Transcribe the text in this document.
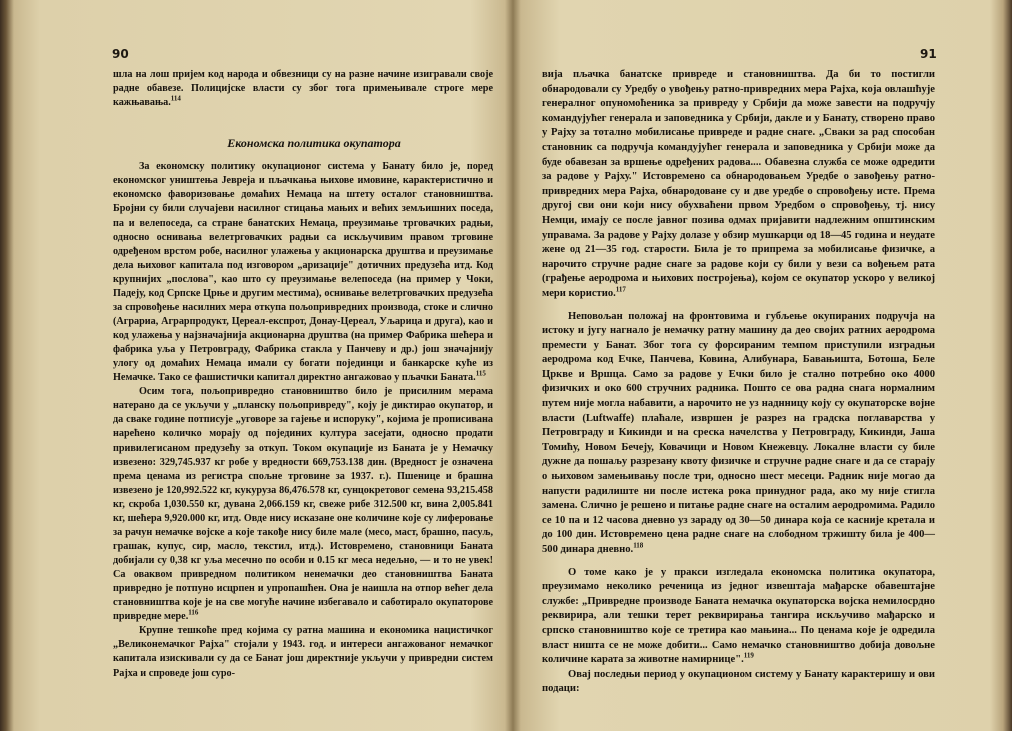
90

шла на лош пријем код народа и обвезници су на разне начине изигравали своје радне обавезе. Полицијске власти су због тога примењивале строге мере кажњавања.$^{114}$

Економска политика окупатора

За економску политику окупационог система у Банату било је, поред економског уништења Јевреја и пљачкања њихове имовине, карактеристично и економско фаворизовање домаћих Немаца на штету осталог становништва. Бројни су били случајеви насилног стицања мањих и већих земљишних поседа, па и велепоседа, са стране банатских Немаца, преузимање трговачких радњи, односно оснивања велетрговачких радњи са искључивим правом трговине одређеном врстом робе, насилног улажења у акционарска друштва и преузимање дела њиховог капитала под изговором „аризације" дотичних предузећа итд. Код крупнијих „послова", као што су преузимање велепоседа (на пример у Чоки, Падеју, код Српске Црње и другим местима), оснивање велетрговачких предузећа за спровођење насилних мера откупа пољопривредних производа, стоке и слично (Аграриа, Аграрпродукт, Цереал-експрот, Донау-Цереал, Уљарица и друга), као и код улажења у најзначајнија акционарна друштва (на пример Фабрика шећера и фабрика уља у Петровграду, Фабрика стакла у Панчеву и др.) још значајнију улогу од домаћих Немаца имали су богати појединци и банкарске куће из Немачке. Тако се фашистички капитал директно ангажовао у пљачки Баната.$^{115}$

Осим тога, пољопривредно становништво било је присилним мерама натерано да се укључи у „планску пољопривреду", коју је диктирао окупатор, и да сваке године потписује „уговоре за гајење и испоруку", којима је прописивана нарећено количко морају од појединих култура засејати, односно продати привилегисаном предузећу за откуп. Током окупације из Баната је у Немачку извезено: 329,745.937 кг робе у вредности 669,753.138 дин. (Вредност је означена према ценама из регистра спољне трговине за 1937. г.). Пшенице и брашна извезено је 120,992.522 кг, кукуруза 86,476.578 кг, сунцокретовог семена 93,215.458 кг, скроба 1,030.550 кг, дувана 2,066.159 кг, свеже рибе 312.500 кг, вина 2,005.841 кг, шећера 9,920.000 кг, итд. Овде нису исказане оне количине које су лиферовање за рачун немачке војске а које такође нису биле мале (месо, маст, брашно, пасуљ, грашак, купус, сир, масло, текстил, итд.). Истовремено, становници Баната добијали су 0,38 кг уља месечно по особи и 0.15 кг меса недељно, — и то не увек! Са оваквом привредном политиком ненемачки део становништва Баната привредно је потпуно исцрпен и упропашћен. Она је наишла на отпор већег дела становништва које је на све могуће начине избегавало и саботирало окупаторове привредне мере.$^{116}$

Крупне тешкоће пред којима су ратна машина и економика нацистичког „Великонемачког Рајха" стојали у 1943. год. и интереси ангажованог немачког капитала изискивали су да се Банат још директније укључи у привредни систем Рајха и спроведе још суро-

91

вија пљачка банатске привреде и становништва. Да би то постигли обнародовали су Уредбу о увођењу ратно-привредних мера Рајха, која овлашћује генералног опуномоћеника за привреду у Србији да може завести на подручју командујућег генерала и заповедника у Србији, дакле и у Банату, створено право у Рајху за тотално мобилисање привреде и радне снаге. „Сваки за рад способан становник са подручја командујућег генерала и заповедника у Србији може да буде обавезан за вршење одређених радова.... Обавезна служба се може одредити за радове у Рајху." Истовремено са обнародовањем Уредбе о завођењу ратно-привредних мера Рајха, обнародоване су и две уредбе о спровођењу исте. Према другој сви они који нису обухваћени првом Уредбом о спровођењу, тј. нису Немци, имају се после јавног позива одмах пријавити надлежним општинским управама. За радове у Рајху долазе у обзир мушкарци од 18—45 година и неудате жене од 21—35 год. старости. Била је то припрема за мобилисање физичке, а нарочито стручне радне снаге за радове који су били у вези са вођењем рата (грађење аеродрома и њихових постројења), којом се окупатор ускоро у великој мери користио.$^{117}$

Неповољан положај на фронтовима и губљење окупираних подручја на истоку и југу нагнало је немачку ратну машину да део својих ратних аеродрома премести у Банат. Због тога су форсираним темпом приступили изградњи аеродрома код Ечке, Панчева, Ковина, Алибунара, Бавањишта, Ботоша, Беле Цркве и Вршца. Само за радове у Ечки било је стално потребно око 4000 физичких и око 600 стручних радника. Пошто се ова радна снага нормалним путем није могла набавити, а нарочито не уз наднницу коју су окупаторске војне власти (Luftwaffe) плаћале, извршен је разрез на градска поглаварства у Петровграду и Кикинди и на среска начелства у Петровграду, Кикинди, Јаша Томићу, Новом Бечеју, Ковачици и Новом Кнежевцу. Локалне власти су биле дужне да пошаљу разрезану квоту физичке и стручне радне снаге и да се старају о њиховом замењивању после три, односно шест месеци. Радник није могао да напусти радилиште ни после истека рока принудног рада, ако му није стигла замена. Слично је решено и питање радне снаге на осталим аеродромима. Радило се 10 па и 12 часова дневно уз зараду од 30—50 динара која се касније кретала и до 100 дин. Истовремено цена радне снаге на слободном тржишту била је 400—500 динара дневно.$^{118}$

О томе како је у пракси изгледала економска политика окупатора, преузимамо неколико реченица из једног извештаја мађарске обавештајне службе: „Привредне производе Баната немачка окупаторска војска немилосрдно реквирира, али тешки терет реквирирања тангира искључиво мађарско и српско становништво које се третира као мањина... По ценама које је одредила власт ништа се не може добити... Само немачко становништво добија довољне количине карата за животне намирнице".$^{119}$

Овај последњи период у окупационом систему у Банату карактеришу и ови подаци:
